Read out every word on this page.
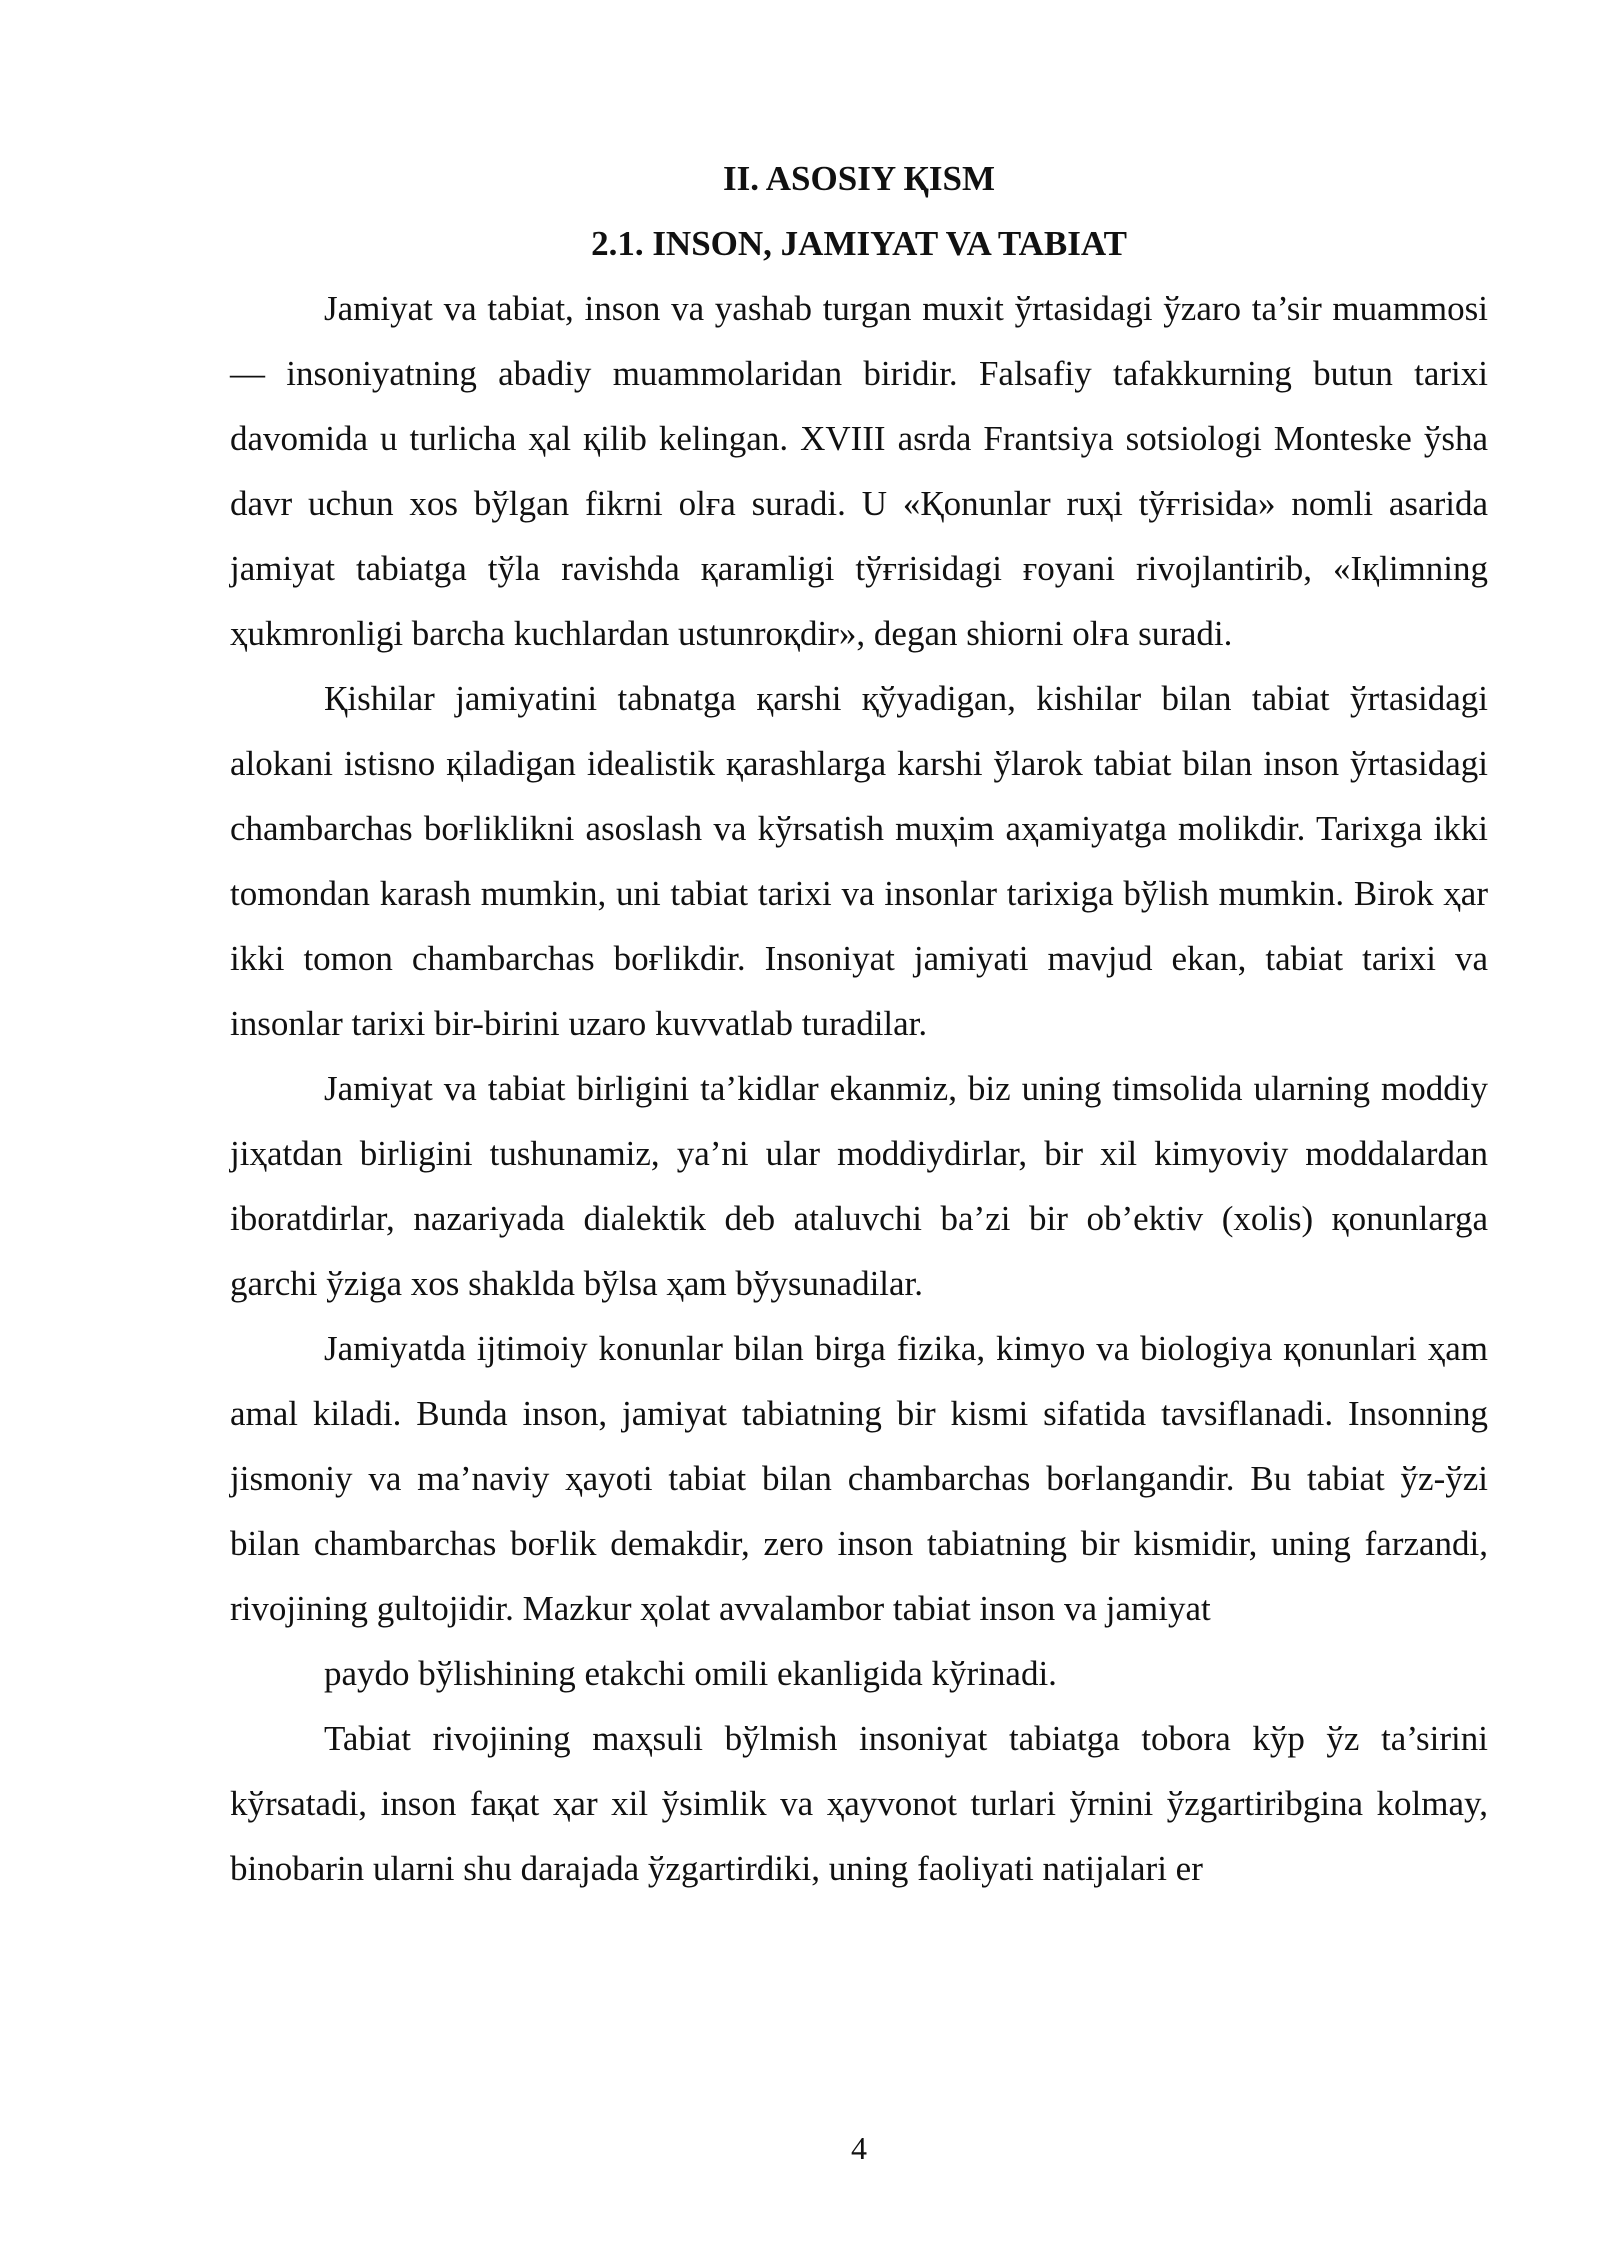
II. ASOSIY ҚISM

2.1. INSON, JAMIYAT VA TABIAT

Jamiyat va tabiat, inson va yashab turgan muxit ўrtasidagi ўzaro ta’sir muammosi — insoniyatning abadiy muammolaridan biridir. Falsafiy tafakkurning butun tarixi davomida u turlicha ҳal қilib kelingan. XVIII asrda Frantsiya sotsiologi Monteske ўsha davr uchun xos bўlgan fikrni olғa suradi. U «Қonunlar ruҳi tўғrisida» nomli asarida jamiyat tabiatga tўla ravishda қaramligi tўғrisidagi ғoyani rivojlantirib, «Iқlimning ҳukmronligi barcha kuchlardan ustunroқdir», degan shiorni olғa suradi.

Қishilar jamiyatini tabnatga қarshi қўyadigan, kishilar bilan tabiat ўrtasidagi alokani istisno қiladigan idealistik қarashlarga karshi ўlarok tabiat bilan inson ўrtasidagi chambarchas boғliklikni asoslash va kўrsatish muҳim aҳamiyatga molikdir. Tarixga ikki tomondan karash mumkin, uni tabiat tarixi va insonlar tarixiga bўlish mumkin. Birok ҳar ikki tomon chambarchas boғlikdir. Insoniyat jamiyati mavjud ekan, tabiat tarixi va insonlar tarixi bir-birini uzaro kuvvatlab turadilar.

Jamiyat va tabiat birligini ta’kidlar ekanmiz, biz uning timsolida ularning moddiy jiҳatdan birligini tushunamiz, ya’ni ular moddiydirlar, bir xil kimyoviy moddalardan iboratdirlar, nazariyada dialektik deb ataluvchi ba’zi bir ob’ektiv (xolis) қonunlarga garchi ўziga xos shaklda bўlsa ҳam bўysunadilar.

Jamiyatda ijtimoiy konunlar bilan birga fizika, kimyo va biologiya қonunlari ҳam amal kiladi. Bunda inson, jamiyat tabiatning bir kismi sifatida tavsiflanadi. Insonning jismoniy va ma’naviy ҳayoti tabiat bilan chambarchas boғlangandir. Bu tabiat ўz-ўzi bilan chambarchas boғlik demakdir, zero inson tabiatning bir kismidir, uning farzandi, rivojining gultojidir. Mazkur ҳolat avvalambor tabiat inson va jamiyat

paydo bўlishining etakchi omili ekanligida kўrinadi.

Tabiat rivojining maҳsuli bўlmish insoniyat tabiatga tobora kўp ўz ta’sirini kўrsatadi, inson faқat ҳar xil ўsimlik va ҳayvonot turlari ўrnini ўzgartiribgina kolmay, binobarin ularni shu darajada ўzgartirdiki, uning faoliyati natijalari er

4
